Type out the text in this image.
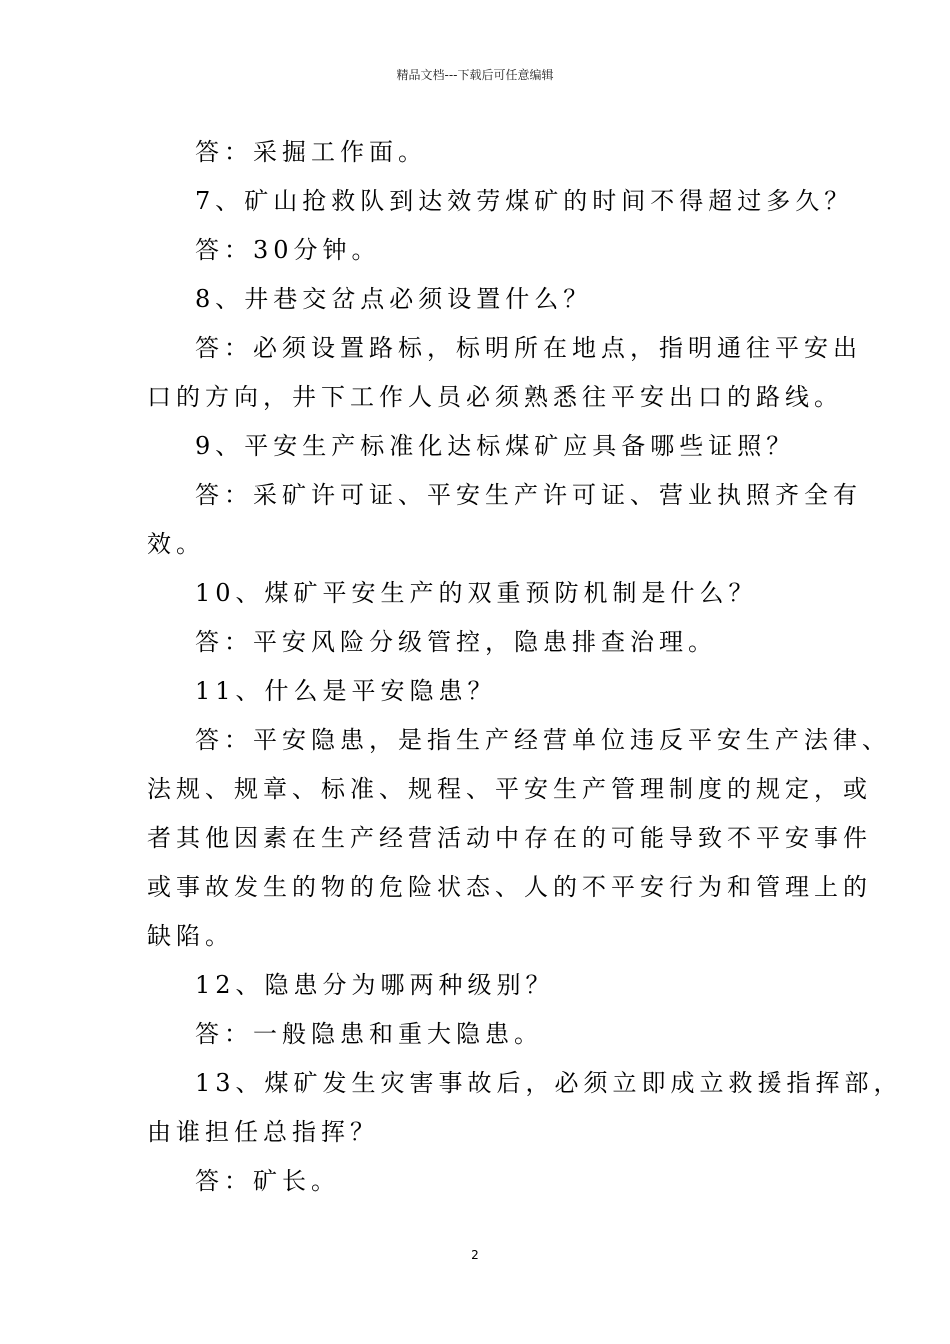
精品文档---下载后可任意编辑
答：采掘工作面。
7、矿山抢救队到达效劳煤矿的时间不得超过多久？
答：30分钟。
8、井巷交岔点必须设置什么？
答：必须设置路标，标明所在地点，指明通往平安出
口的方向，井下工作人员必须熟悉往平安出口的路线。
9、平安生产标准化达标煤矿应具备哪些证照？
答：采矿许可证、平安生产许可证、营业执照齐全有
效。
10、煤矿平安生产的双重预防机制是什么？
答：平安风险分级管控，隐患排查治理。
11、什么是平安隐患？
答：平安隐患，是指生产经营单位违反平安生产法律、
法规、规章、标准、规程、平安生产管理制度的规定，或
者其他因素在生产经营活动中存在的可能导致不平安事件
或事故发生的物的危险状态、人的不平安行为和管理上的
缺陷。
12、隐患分为哪两种级别？
答：一般隐患和重大隐患。
13、煤矿发生灾害事故后，必须立即成立救援指挥部，
由谁担任总指挥？
答：矿长。
2
